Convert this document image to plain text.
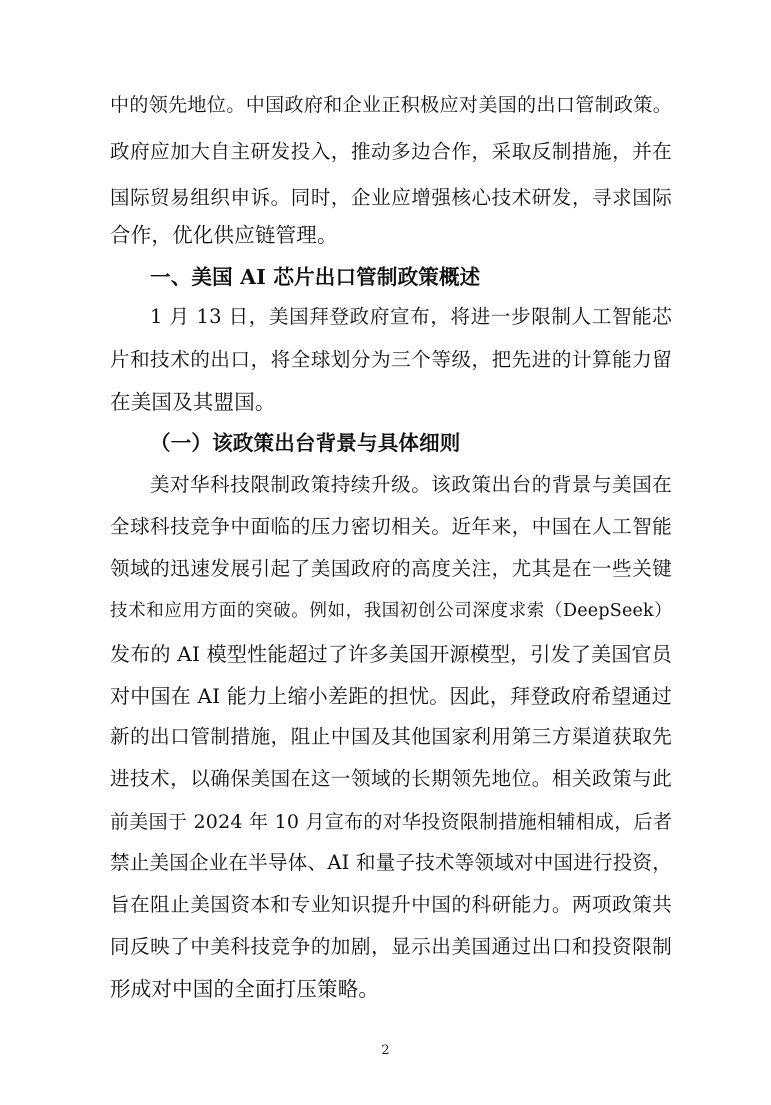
中的领先地位。中国政府和企业正积极应对美国的出口管制政策。
政府应加大自主研发投入，推动多边合作，采取反制措施，并在
国际贸易组织申诉。同时，企业应增强核心技术研发，寻求国际
合作，优化供应链管理。
一、美国 AI 芯片出口管制政策概述
1 月 13 日，美国拜登政府宣布，将进一步限制人工智能芯
片和技术的出口，将全球划分为三个等级，把先进的计算能力留
在美国及其盟国。
（一）该政策出台背景与具体细则
美对华科技限制政策持续升级。该政策出台的背景与美国在
全球科技竞争中面临的压力密切相关。近年来，中国在人工智能
领域的迅速发展引起了美国政府的高度关注，尤其是在一些关键
技术和应用方面的突破。例如，我国初创公司深度求索（DeepSeek）
发布的 AI 模型性能超过了许多美国开源模型，引发了美国官员
对中国在 AI 能力上缩小差距的担忧。因此，拜登政府希望通过
新的出口管制措施，阻止中国及其他国家利用第三方渠道获取先
进技术，以确保美国在这一领域的长期领先地位。相关政策与此
前美国于 2024 年 10 月宣布的对华投资限制措施相辅相成，后者
禁止美国企业在半导体、AI 和量子技术等领域对中国进行投资，
旨在阻止美国资本和专业知识提升中国的科研能力。两项政策共
同反映了中美科技竞争的加剧，显示出美国通过出口和投资限制
形成对中国的全面打压策略。
2
